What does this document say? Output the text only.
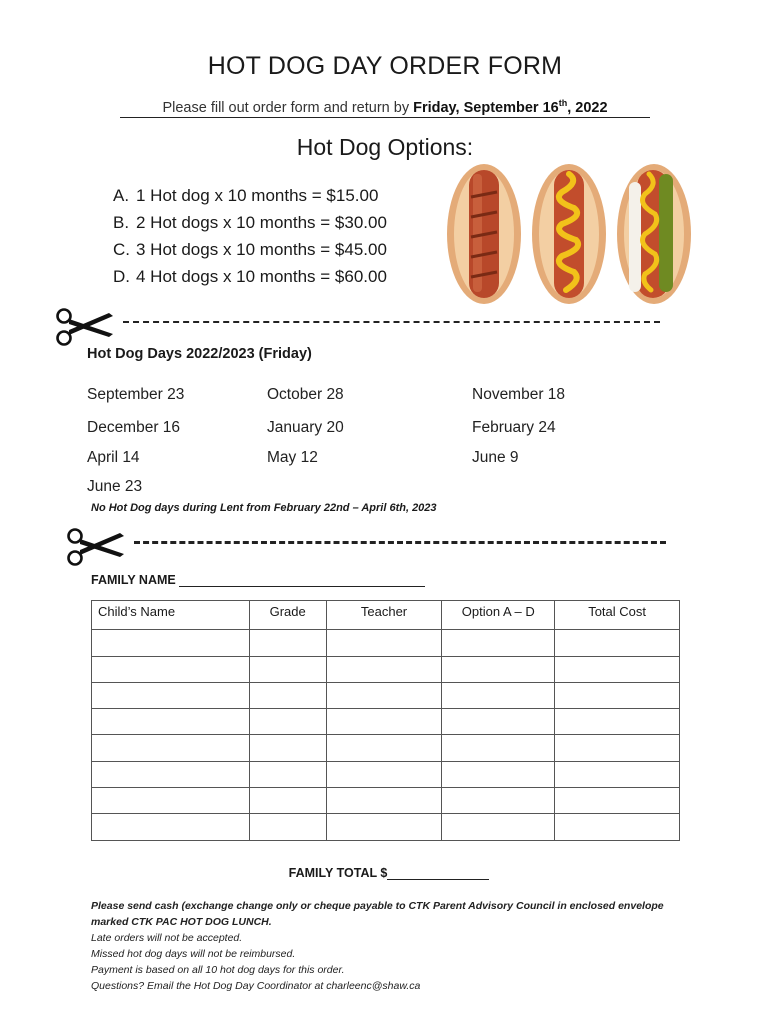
HOT DOG DAY ORDER FORM
Please fill out order form and return by Friday, September 16th, 2022
Hot Dog Options:
A. 1 Hot dog x 10 months = $15.00
B. 2 Hot dogs x 10 months = $30.00
C. 3 Hot dogs x 10 months = $45.00
D. 4 Hot dogs x 10 months = $60.00
Hot Dog Days 2022/2023 (Friday)
September 23	October 28	November 18
December 16	January 20	February 24
April 14	May 12	June 9
June 23
No Hot Dog days during Lent from February 22nd – April 6th, 2023
FAMILY NAME
Child’s Name	Grade	Teacher	Option A – D	Total Cost

FAMILY TOTAL $
Please send cash (exchange change only or cheque payable to CTK Parent Advisory Council in enclosed envelope marked CTK PAC HOT DOG LUNCH.
Late orders will not be accepted.
Missed hot dog days will not be reimbursed.
Payment is based on all 10 hot dog days for this order.
Questions? Email the Hot Dog Day Coordinator at charleenc@shaw.ca
